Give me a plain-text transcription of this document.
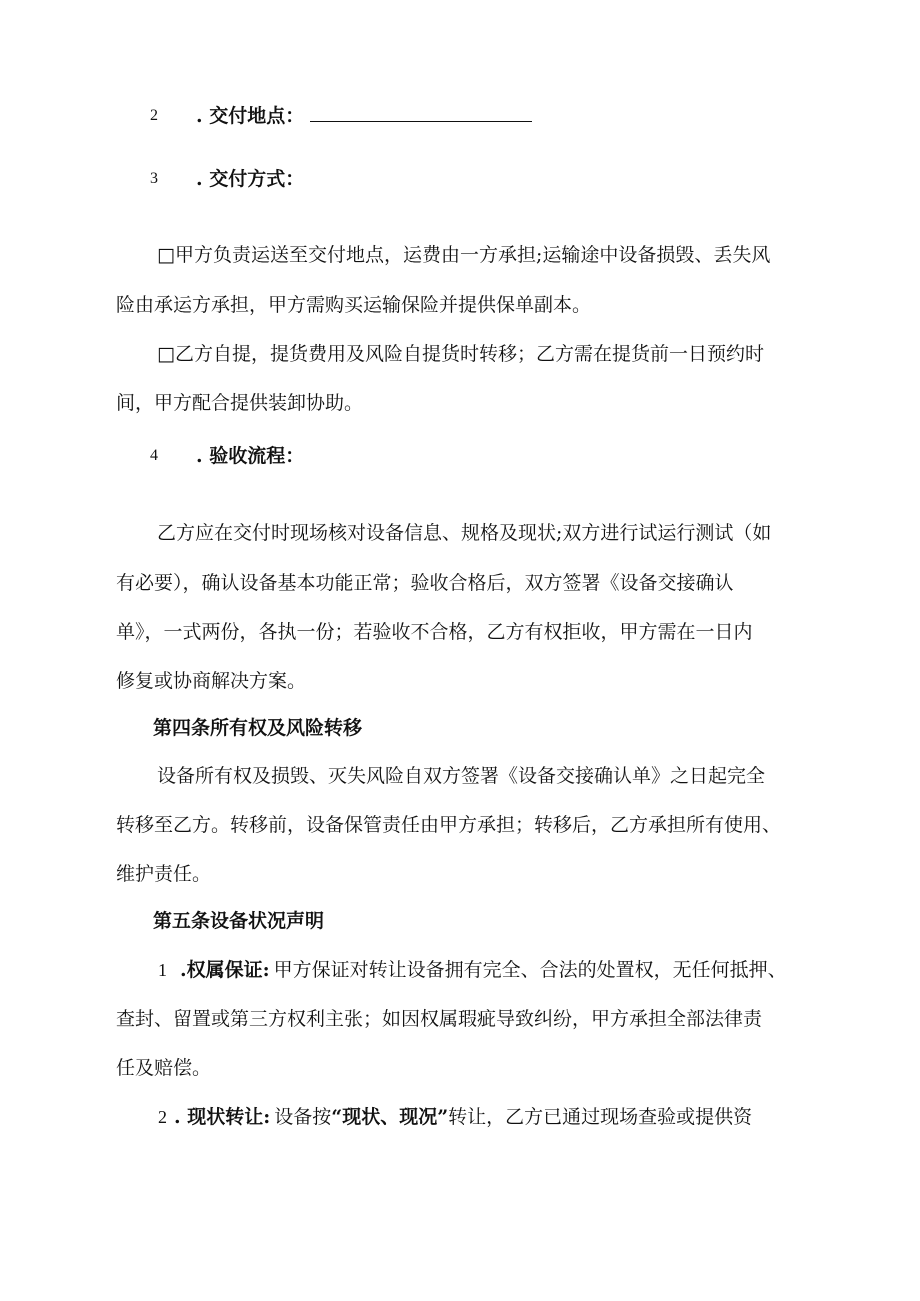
2 . 交付地点：
3 . 交付方式：
□甲方负责运送至交付地点，运费由一方承担;运输途中设备损毁、丢失风
险由承运方承担，甲方需购买运输保险并提供保单副本。
□乙方自提，提货费用及风险自提货时转移；乙方需在提货前一日预约时
间，甲方配合提供装卸协助。
4 . 验收流程：
乙方应在交付时现场核对设备信息、规格及现状;双方进行试运行测试（如
有必要），确认设备基本功能正常；验收合格后，双方签署《设备交接确认
单》，一式两份，各执一份；若验收不合格，乙方有权拒收，甲方需在一日内
修复或协商解决方案。
第四条所有权及风险转移
设备所有权及损毁、灭失风险自双方签署《设备交接确认单》之日起完全
转移至乙方。转移前，设备保管责任由甲方承担；转移后，乙方承担所有使用、
维护责任。
第五条设备状况声明
1 .权属保证: 甲方保证对转让设备拥有完全、合法的处置权，无任何抵押、
查封、留置或第三方权利主张；如因权属瑕疵导致纠纷，甲方承担全部法律责
任及赔偿。
2 . 现状转让: 设备按“现状、现况”转让，乙方已通过现场查验或提供资
